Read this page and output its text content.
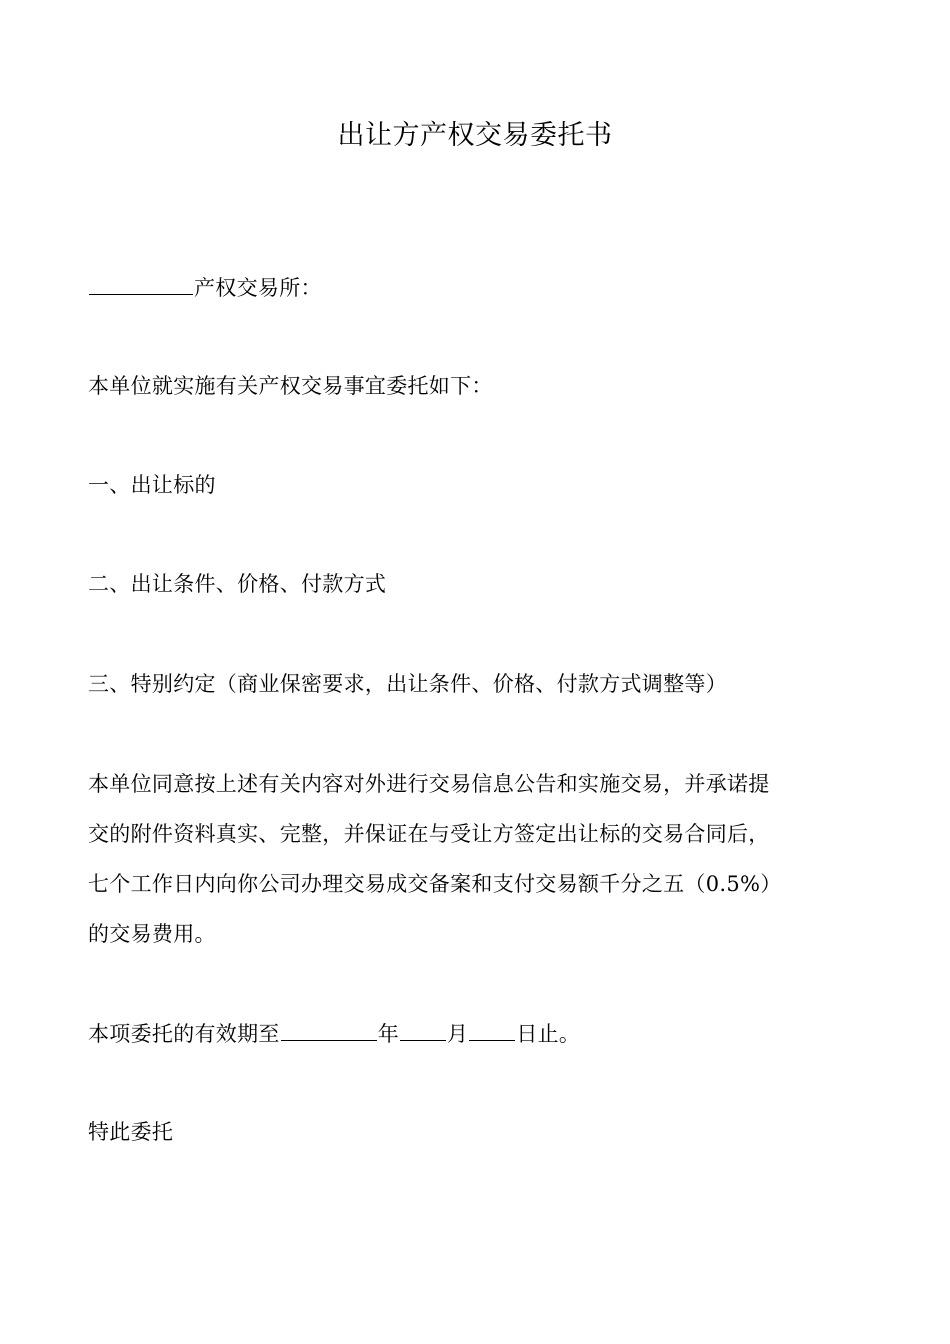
出让方产权交易委托书
产权交易所：
本单位就实施有关产权交易事宜委托如下：
一、出让标的
二、出让条件、价格、付款方式
三、特别约定（商业保密要求，出让条件、价格、付款方式调整等）
本单位同意按上述有关内容对外进行交易信息公告和实施交易，并承诺提
交的附件资料真实、完整，并保证在与受让方签定出让标的交易合同后，
七个工作日内向你公司办理交易成交备案和支付交易额千分之五（0.5%）
的交易费用。
本项委托的有效期至	年 月 日止。
特此委托
